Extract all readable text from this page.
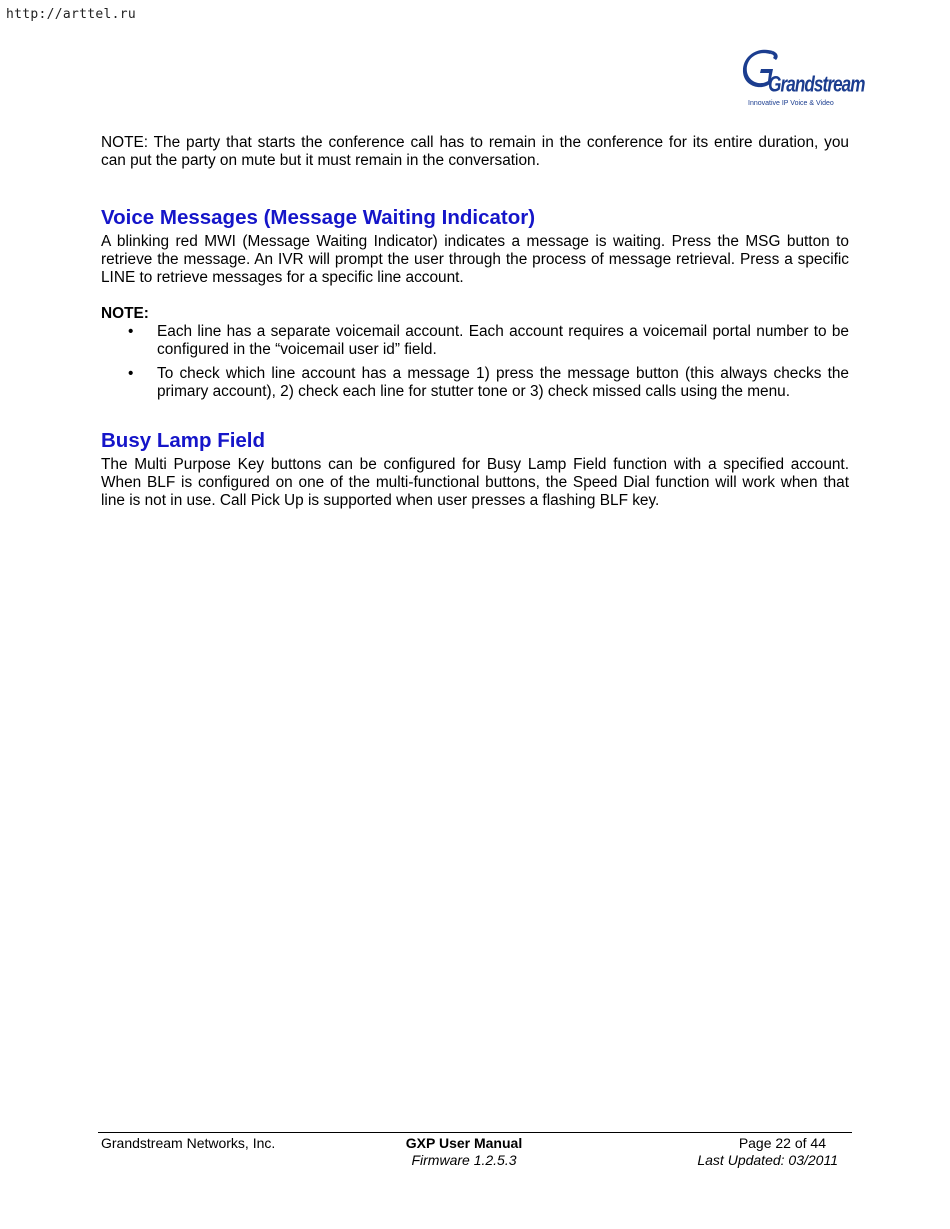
http://arttel.ru
Grandstream
Innovative IP Voice & Video

NOTE: The party that starts the conference call has to remain in the conference for its entire duration, you can put the party on mute but it must remain in the conversation.

Voice Messages (Message Waiting Indicator)

A blinking red MWI (Message Waiting Indicator) indicates a message is waiting. Press the MSG button to retrieve the message. An IVR will prompt the user through the process of message retrieval. Press a specific LINE to retrieve messages for a specific line account.

NOTE:

• Each line has a separate voicemail account. Each account requires a voicemail portal number to be configured in the “voicemail user id” field.
• To check which line account has a message 1) press the message button (this always checks the primary account), 2) check each line for stutter tone or 3) check missed calls using the menu.
Busy Lamp Field

The Multi Purpose Key buttons can be configured for Busy Lamp Field function with a specified account. When BLF is configured on one of the multi-functional buttons, the Speed Dial function will work when that line is not in use. Call Pick Up is supported when user presses a flashing BLF key.

Grandstream Networks, Inc.	GXP User Manual
Firmware 1.2.5.3
Page 22 of 44
Last Updated: 03/2011
